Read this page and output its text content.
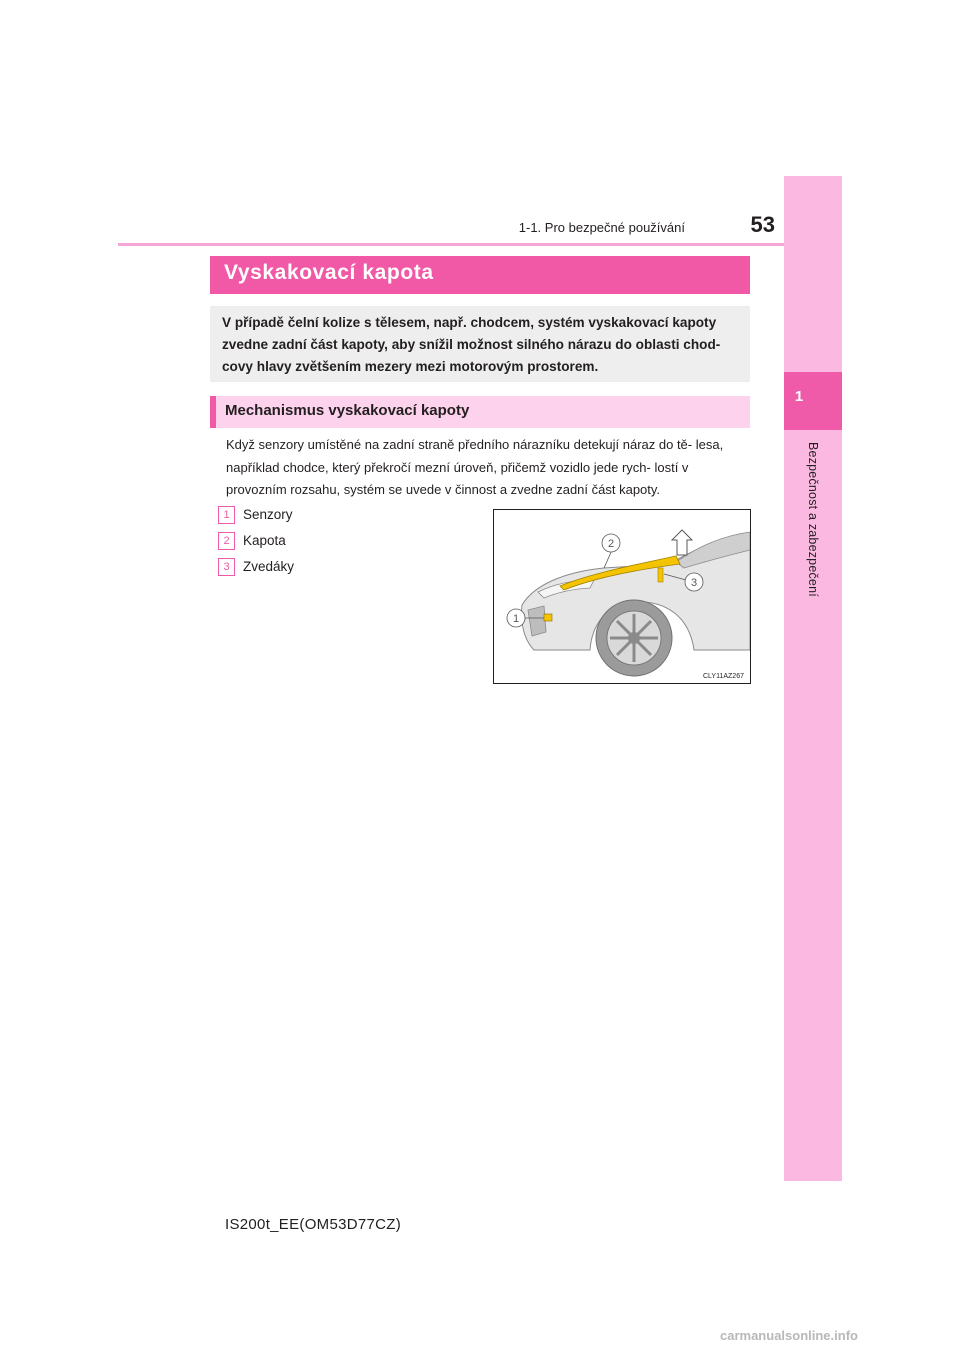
1-1. Pro bezpečné používání	53
1
Bezpečnost a zabezpečení
Vyskakovací kapota
V případě čelní kolize s tělesem, např. chodcem, systém vyskakovací kapoty zvedne zadní část kapoty, aby snížil možnost silného nárazu do oblasti chod- covy hlavy zvětšením mezery mezi motorovým prostorem.
Mechanismus vyskakovací kapoty
Když senzory umístěné na zadní straně předního nárazníku detekují náraz do tě- lesa, například chodce, který překročí mezní úroveň, přičemž vozidlo jede rych- lostí v provozním rozsahu, systém se uvede v činnost a zvedne zadní část kapoty.
1 Senzory
2 Kapota
3 Zvedáky
1
2
3
CLY11AZ267
IS200t_EE(OM53D77CZ)
carmanualsonline.info
